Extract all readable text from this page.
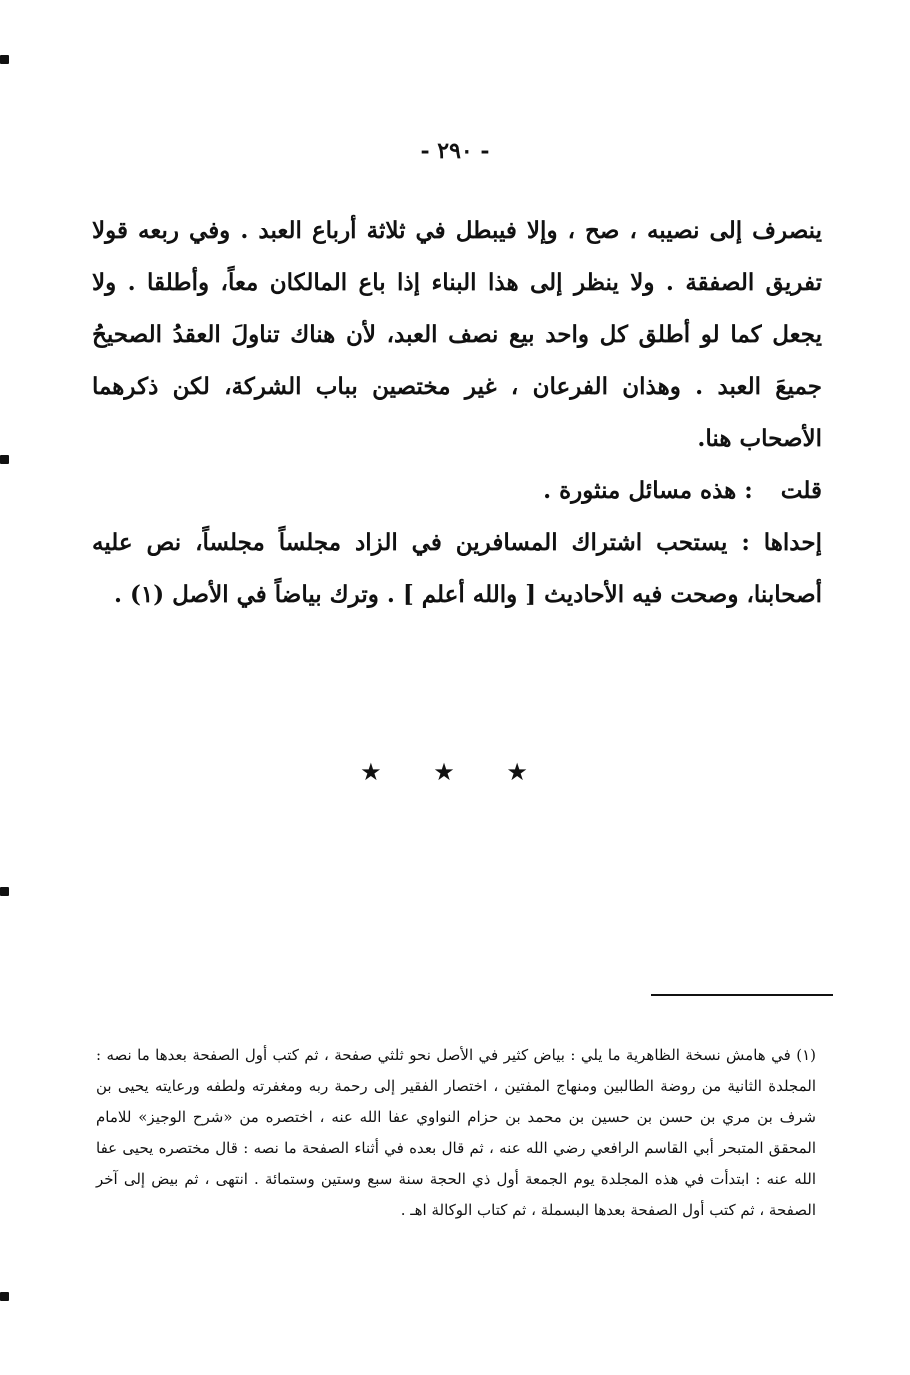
- ٢٩٠ -

ينصرف إلى نصيبه ، صح ، وإلا فيبطل في ثلاثة أرباع العبد . وفي ربعه قولا تفريق الصفقة . ولا ينظر إلى هذا البناء إذا باع المالكان معاً، وأطلقا . ولا يجعل كما لو أطلق كل واحد بيع نصف العبد، لأن هناك تناولَ العقدُ الصحيحُ جميعَ العبد . وهذان الفرعان ، غير مختصين بباب الشركة، لكن ذكرهما الأصحاب هنا.

قلت: هذه مسائل منثورة .

إحداها : يستحب اشتراك المسافرين في الزاد مجلساً مجلساً، نص عليه أصحابنا، وصحت فيه الأحاديث [ والله أعلم ] . وترك بياضاً في الأصل (١) .

★ ★ ★

(١) في هامش نسخة الظاهرية ما يلي : بياض كثير في الأصل نحو ثلثي صفحة ، ثم كتب أول الصفحة بعدها ما نصه : المجلدة الثانية من روضة الطالبين ومنهاج المفتين ، اختصار الفقير إلى رحمة ربه ومغفرته ولطفه ورعايته يحيى بن شرف بن مري بن حسن بن حسين بن محمد بن حزام النواوي عفا الله عنه ، اختصره من «شرح الوجيز» للامام المحقق المتبحر أبي القاسم الرافعي رضي الله عنه ، ثم قال بعده في أثناء الصفحة ما نصه : قال مختصره يحيى عفا الله عنه : ابتدأت في هذه المجلدة يوم الجمعة أول ذي الحجة سنة سبع وستين وستمائة . انتهى ، ثم بيض إلى آخر الصفحة ، ثم كتب أول الصفحة بعدها البسملة ، ثم كتاب الوكالة اهـ .
